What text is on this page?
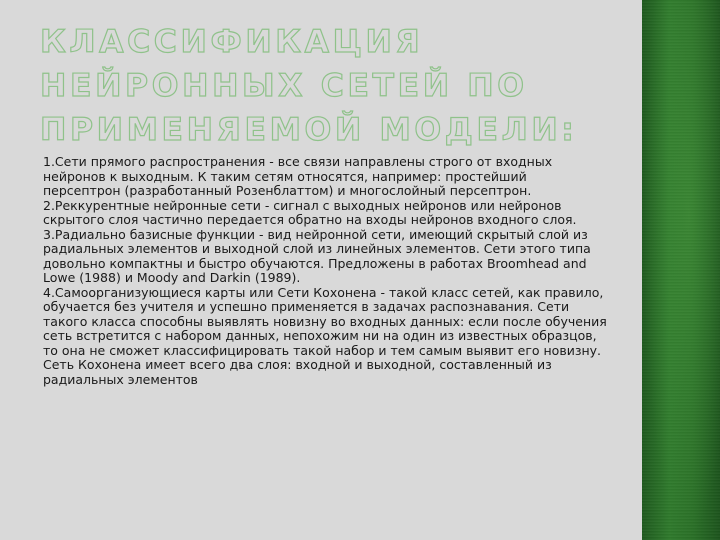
КЛАССИФИКАЦИЯ НЕЙРОННЫХ СЕТЕЙ ПО ПРИМЕНЯЕМОЙ МОДЕЛИ:

1.Сети прямого распространения - все связи направлены строго от входных нейронов к выходным. К таким сетям относятся, например: простейший персептрон (разработанный Розенблаттом) и многослойный персептрон.

2.Реккурентные нейронные сети - сигнал с выходных нейронов или нейронов скрытого слоя частично передается обратно на входы нейронов входного слоя.

3.Радиально базисные функции - вид нейронной сети, имеющий скрытый слой из радиальных элементов и выходной слой из линейных элементов. Сети этого типа довольно компактны и быстро обучаются. Предложены в работах Broomhead and Lowe (1988) и Moody and Darkin (1989).

4.Самоорганизующиеся карты или Сети Кохонена - такой класс сетей, как правило, обучается без учителя и успешно применяется в задачах распознавания. Сети такого класса способны выявлять новизну во входных данных: если после обучения сеть встретится с набором данных, непохожим ни на один из известных образцов, то она не сможет классифицировать такой набор и тем самым выявит его новизну. Сеть Кохонена имеет всего два слоя: входной и выходной, составленный из радиальных элементов
